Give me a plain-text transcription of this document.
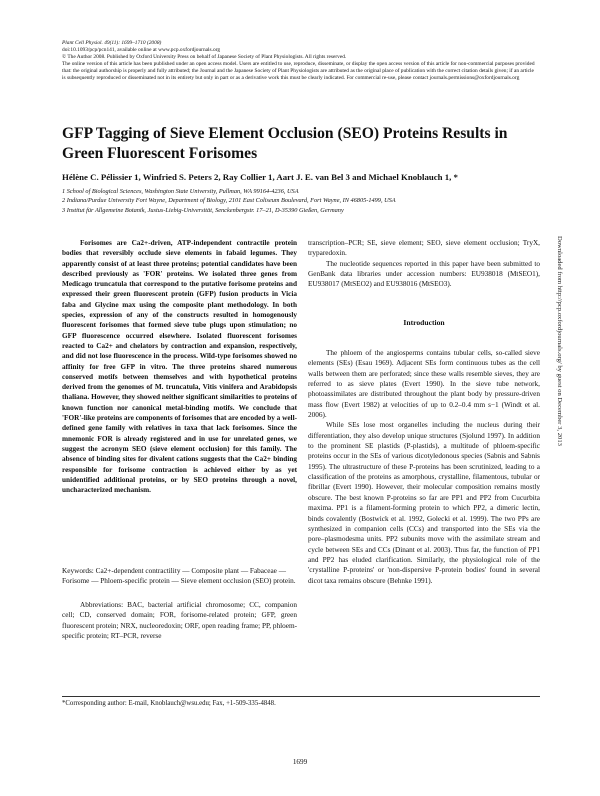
Plant Cell Physiol. 49(11): 1699–1710 (2008)
doi:10.1093/pcp/pcn141, available online at www.pcp.oxfordjournals.org
© The Author 2008. Published by Oxford University Press on behalf of Japanese Society of Plant Physiologists. All rights reserved.
The online version of this article has been published under an open access model. Users are entitled to use, reproduce, disseminate, or display the open access version of this article for non-commercial purposes provided that: the original authorship is properly and fully attributed; the Journal and the Japanese Society of Plant Physiologists are attributed as the original place of publication with the correct citation details given; if an article is subsequently reproduced or disseminated not in its entirety but only in part or as a derivative work this must be clearly indicated. For commercial re-use, please contact journals.permissions@oxfordjournals.org
GFP Tagging of Sieve Element Occlusion (SEO) Proteins Results in Green Fluorescent Forisomes
Hélène C. Pélissier 1, Winfried S. Peters 2, Ray Collier 1, Aart J. E. van Bel 3 and Michael Knoblauch 1, *
1 School of Biological Sciences, Washington State University, Pullman, WA 99164-4236, USA
2 Indiana/Purdue University Fort Wayne, Department of Biology, 2101 East Coliseum Boulevard, Fort Wayne, IN 46805-1499, USA
3 Institut für Allgemeine Botanik, Justus-Liebig-Universität, Senckenbergstr. 17–21, D-35390 Gießen, Germany
Forisomes are Ca2+-driven, ATP-independent contractile protein bodies that reversibly occlude sieve elements in fabaid legumes. They apparently consist of at least three proteins; potential candidates have been described previously as 'FOR' proteins. We isolated three genes from Medicago truncatula that correspond to the putative forisome proteins and expressed their green fluorescent protein (GFP) fusion products in Vicia faba and Glycine max using the composite plant methodology. In both species, expression of any of the constructs resulted in homogenously fluorescent forisomes that formed sieve tube plugs upon stimulation; no GFP fluorescence occurred elsewhere. Isolated fluorescent forisomes reacted to Ca2+ and chelators by contraction and expansion, respectively, and did not lose fluorescence in the process. Wild-type forisomes showed no affinity for free GFP in vitro. The three proteins shared numerous conserved motifs between themselves and with hypothetical proteins derived from the genomes of M. truncatula, Vitis vinifera and Arabidopsis thaliana. However, they showed neither significant similarities to proteins of known function nor canonical metal-binding motifs. We conclude that 'FOR'-like proteins are components of forisomes that are encoded by a well-defined gene family with relatives in taxa that lack forisomes. Since the mnemonic FOR is already registered and in use for unrelated genes, we suggest the acronym SEO (sieve element occlusion) for this family. The absence of binding sites for divalent cations suggests that the Ca2+ binding responsible for forisome contraction is achieved either by as yet unidentified additional proteins, or by SEO proteins through a novel, uncharacterized mechanism.
Keywords: Ca2+-dependent contractility — Composite plant — Fabaceae — Forisome — Phloem-specific protein — Sieve element occlusion (SEO) protein.
Abbreviations: BAC, bacterial artificial chromosome; CC, companion cell; CD, conserved domain; FOR, forisome-related protein; GFP, green fluorescent protein; NRX, nucleoredoxin; ORF, open reading frame; PP, phloem-specific protein; RT–PCR, reverse

transcription–PCR; SE, sieve element; SEO, sieve element occlusion; TryX, tryparedoxin.

The nucleotide sequences reported in this paper have been submitted to GenBank data libraries under accession numbers: EU938018 (MtSEO1), EU938017 (MtSEO2) and EU938016 (MtSEO3).

Introduction

The phloem of the angiosperms contains tubular cells, so-called sieve elements (SEs) (Esau 1969). Adjacent SEs form continuous tubes as the cell walls between them are perforated; since these walls resemble sieves, they are referred to as sieve plates (Evert 1990). In the sieve tube network, photoassimilates are distributed throughout the plant body by pressure-driven mass flow (Evert 1982) at velocities of up to 0.2–0.4 mm s−1 (Windt et al. 2006).

While SEs lose most organelles including the nucleus during their differentiation, they also develop unique structures (Sjolund 1997). In addition to the prominent SE plastids (P-plastids), a multitude of phloem-specific proteins occur in the SEs of various dicotyledonous species (Sabnis and Sabnis 1995). The ultrastructure of these P-proteins has been scrutinized, leading to a classification of the proteins as amorphous, crystalline, filamentous, tubular or fibrillar (Evert 1990). However, their molecular composition remains mostly obscure. The best known P-proteins so far are PP1 and PP2 from Cucurbita maxima. PP1 is a filament-forming protein to which PP2, a dimeric lectin, binds covalently (Bostwick et al. 1992, Golecki et al. 1999). The two PPs are synthesized in companion cells (CCs) and transported into the SEs via the pore–plasmodesma units. PP2 subunits move with the assimilate stream and cycle between SEs and CCs (Dinant et al. 2003). Thus far, the function of PP1 and PP2 has eluded clarification. Similarly, the physiological role of the 'crystalline P-proteins' or 'non-dispersive P-protein bodies' found in several dicot taxa remains obscure (Behnke 1991).

*Corresponding author: E-mail, Knoblauch@wsu.edu; Fax, +1-509-335-4848.
1699
Downloaded from http://pcp.oxfordjournals.org/ by guest on December 3, 2013
